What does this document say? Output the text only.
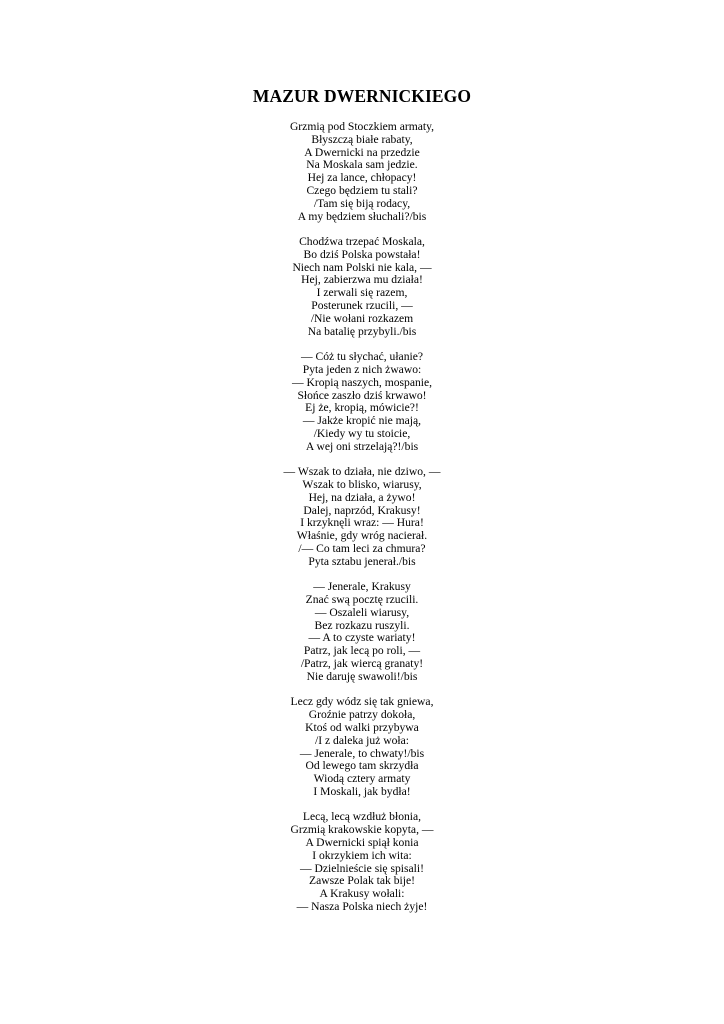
MAZUR DWERNICKIEGO
Grzmią pod Stoczkiem armaty,
Błyszczą białe rabaty,
A Dwernicki na przedzie
Na Moskala sam jedzie.
Hej za lance, chłopacy!
Czego będziem tu stali?
/Tam się biją rodacy,
A my będziem słuchali?/bis
Chodźwa trzepać Moskala,
Bo dziś Polska powstała!
Niech nam Polski nie kala, —
Hej, zabierzwa mu działa!
I zerwali się razem,
Posterunek rzucili, —
/Nie wołani rozkazem
Na batalię przybyli./bis
— Cóż tu słychać, ułanie?
Pyta jeden z nich żwawo:
— Kropią naszych, mospanie,
Słońce zaszło dziś krwawo!
Ej że, kropią, mówicie?!
— Jakże kropić nie mają,
/Kiedy wy tu stoicie,
A wej oni strzelają?!/bis
— Wszak to działa, nie dziwo, —
Wszak to blisko, wiarusy,
Hej, na działa, a żywo!
Dalej, naprzód, Krakusy!
I krzyknęli wraz: — Hura!
Właśnie, gdy wróg nacierał.
/— Co tam leci za chmura?
Pyta sztabu jenerał./bis
— Jenerale, Krakusy
Znać swą pocztę rzucili.
— Oszaleli wiarusy,
Bez rozkazu ruszyli.
— A to czyste wariaty!
Patrz, jak lecą po roli, —
/Patrz, jak wiercą granaty!
Nie daruję swawoli!/bis
Lecz gdy wódz się tak gniewa,
Groźnie patrzy dokoła,
Ktoś od walki przybywa
/I z daleka już woła:
— Jenerale, to chwaty!/bis
Od lewego tam skrzydła
Wiodą cztery armaty
I Moskali, jak bydła!
Lecą, lecą wzdłuż błonia,
Grzmią krakowskie kopyta, —
A Dwernicki spiął konia
I okrzykiem ich wita:
— Dzielnieście się spisali!
Zawsze Polak tak bije!
A Krakusy wołali:
— Nasza Polska niech żyje!
